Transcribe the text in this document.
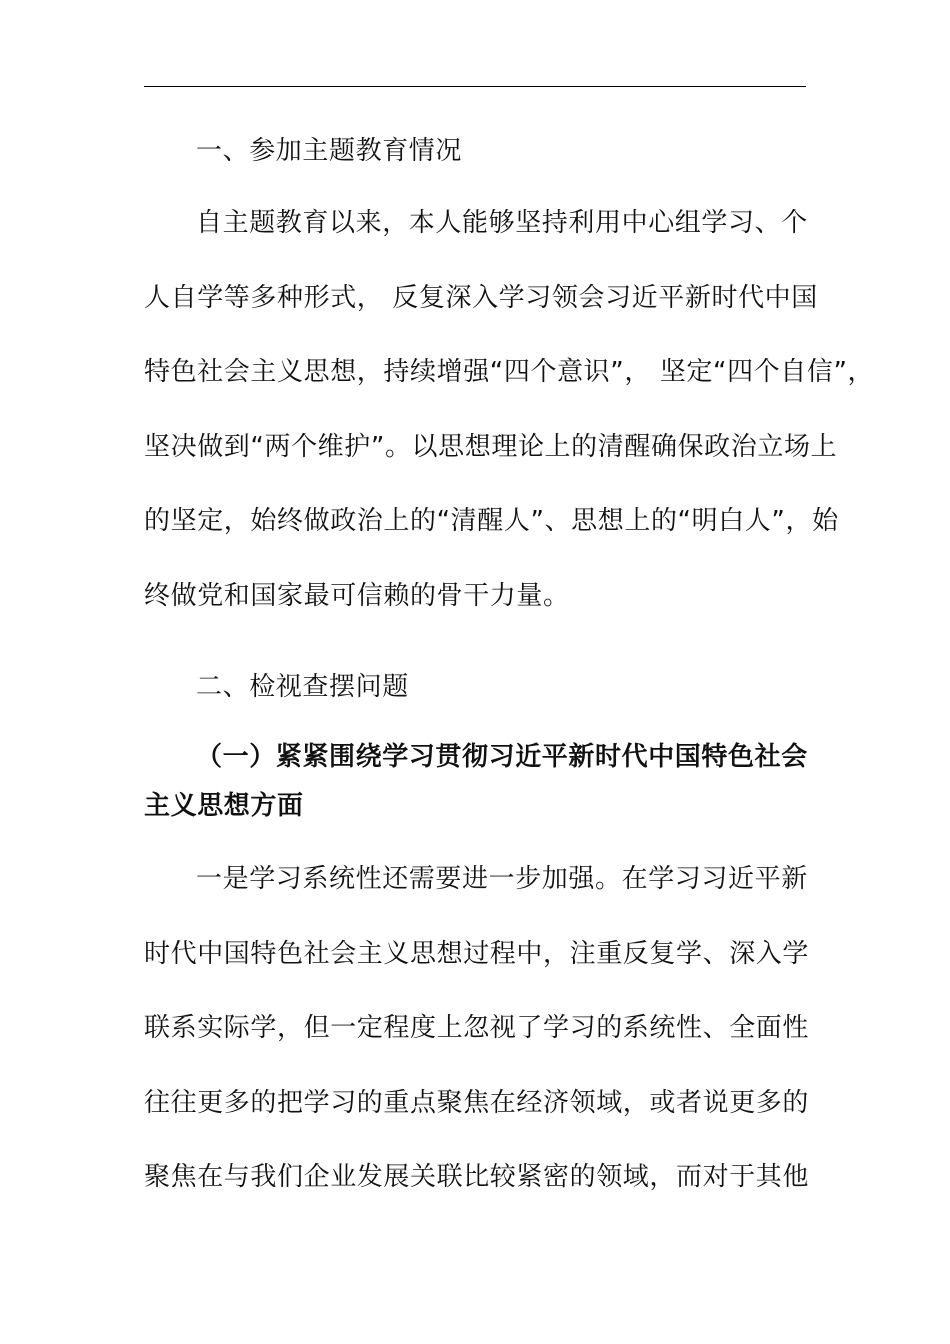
一、参加主题教育情况
自主题教育以来，本人能够坚持利用中心组学习、个
人自学等多种形式， 反复深入学习领会习近平新时代中国
特色社会主义思想，持续增强“四个意识”， 坚定“四个自信”，
坚决做到“两个维护”。以思想理论上的清醒确保政治立场上
的坚定，始终做政治上的“清醒人”、思想上的“明白人”，始
终做党和国家最可信赖的骨干力量。
二、检视查摆问题
（一）紧紧围绕学习贯彻习近平新时代中国特色社会
主义思想方面
一是学习系统性还需要进一步加强。在学习习近平新
时代中国特色社会主义思想过程中，注重反复学、深入学
联系实际学，但一定程度上忽视了学习的系统性、全面性
往往更多的把学习的重点聚焦在经济领域，或者说更多的
聚焦在与我们企业发展关联比较紧密的领域，而对于其他
